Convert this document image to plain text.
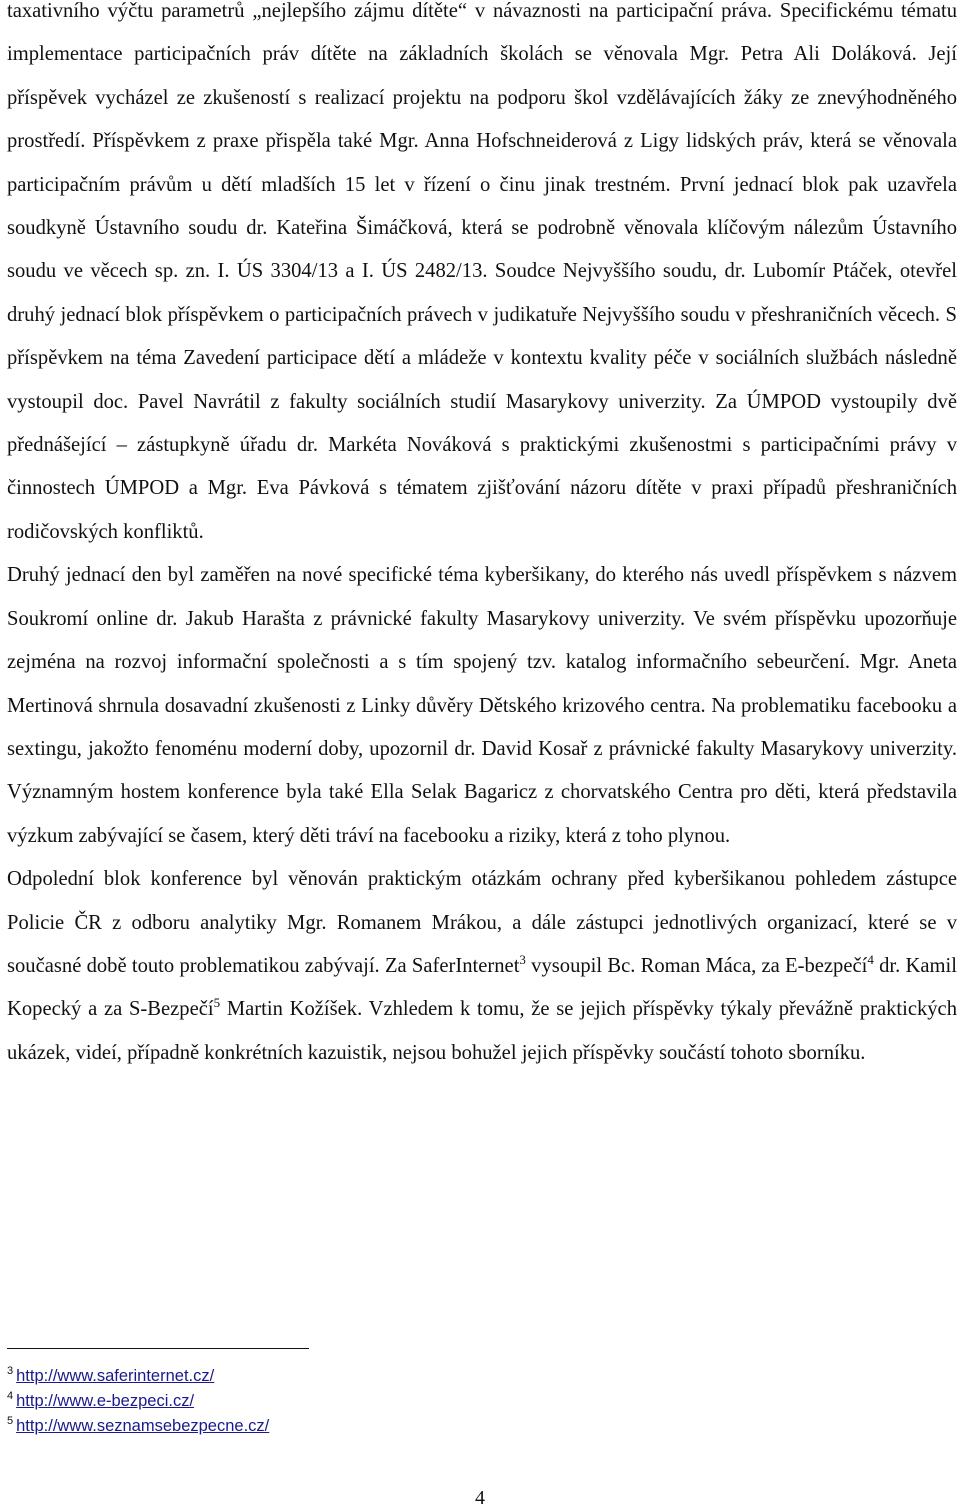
taxativního výčtu parametrů „nejlepšího zájmu dítěte“ v návaznosti na participační práva. Specifickému tématu implementace participačních práv dítěte na základních školách se věnovala Mgr. Petra Ali Doláková. Její příspěvek vycházel ze zkušeností s realizací projektu na podporu škol vzdělávajících žáky ze znevýhodněného prostředí. Příspěvkem z praxe přispěla také Mgr. Anna Hofschneiderová z Ligy lidských práv, která se věnovala participačním právům u dětí mladších 15 let v řízení o činu jinak trestném. První jednací blok pak uzavřela soudkyně Ústavního soudu dr. Kateřina Šimáčková, která se podrobně věnovala klíčovým nálezům Ústavního soudu ve věcech sp. zn. I. ÚS 3304/13 a I. ÚS 2482/13. Soudce Nejvyššího soudu, dr. Lubomír Ptáček, otevřel druhý jednací blok příspěvkem o participačních právech v judikatuře Nejvyššího soudu v přeshraničních věcech. S příspěvkem na téma Zavedení participace dětí a mládeže v kontextu kvality péče v sociálních službách následně vystoupil doc. Pavel Navrátil z fakulty sociálních studií Masarykovy univerzity. Za ÚMPOD vystoupily dvě přednášející – zástupkyně úřadu dr. Markéta Nováková s praktickými zkušenostmi s participačními právy v činnostech ÚMPOD a Mgr. Eva Pávková s tématem zjišťování názoru dítěte v praxi případů přeshraničních rodičovských konfliktů.

Druhý jednací den byl zaměřen na nové specifické téma kyberšikany, do kterého nás uvedl příspěvkem s názvem Soukromí online dr. Jakub Harašta z právnické fakulty Masarykovy univerzity. Ve svém příspěvku upozorňuje zejména na rozvoj informační společnosti a s tím spojený tzv. katalog informačního sebeurčení. Mgr. Aneta Mertinová shrnula dosavadní zkušenosti z Linky důvěry Dětského krizového centra. Na problematiku facebooku a sextingu, jakožto fenoménu moderní doby, upozornil dr. David Kosař z právnické fakulty Masarykovy univerzity. Významným hostem konference byla také Ella Selak Bagaricz z chorvatského Centra pro děti, která představila výzkum zabývající se časem, který děti tráví na facebooku a riziky, která z toho plynou.

Odpolední blok konference byl věnován praktickým otázkám ochrany před kyberšikanou pohledem zástupce Policie ČR z odboru analytiky Mgr. Romanem Mrákou, a dále zástupci jednotlivých organizací, které se v současné době touto problematikou zabývají. Za SaferInternet$^3$ vysoupil Bc. Roman Máca, za E-bezpečí$^4$ dr. Kamil Kopecký a za S-Bezpečí$^5$ Martin Kožíšek. Vzhledem k tomu, že se jejich příspěvky týkaly převážně praktických ukázek, videí, případně konkrétních kazuistik, nejsou bohužel jejich příspěvky součástí tohoto sborníku.

$^3$ http://www.saferinternet.cz/
$^4$ http://www.e-bezpeci.cz/
$^5$ http://www.seznamsebezpecne.cz/
4
